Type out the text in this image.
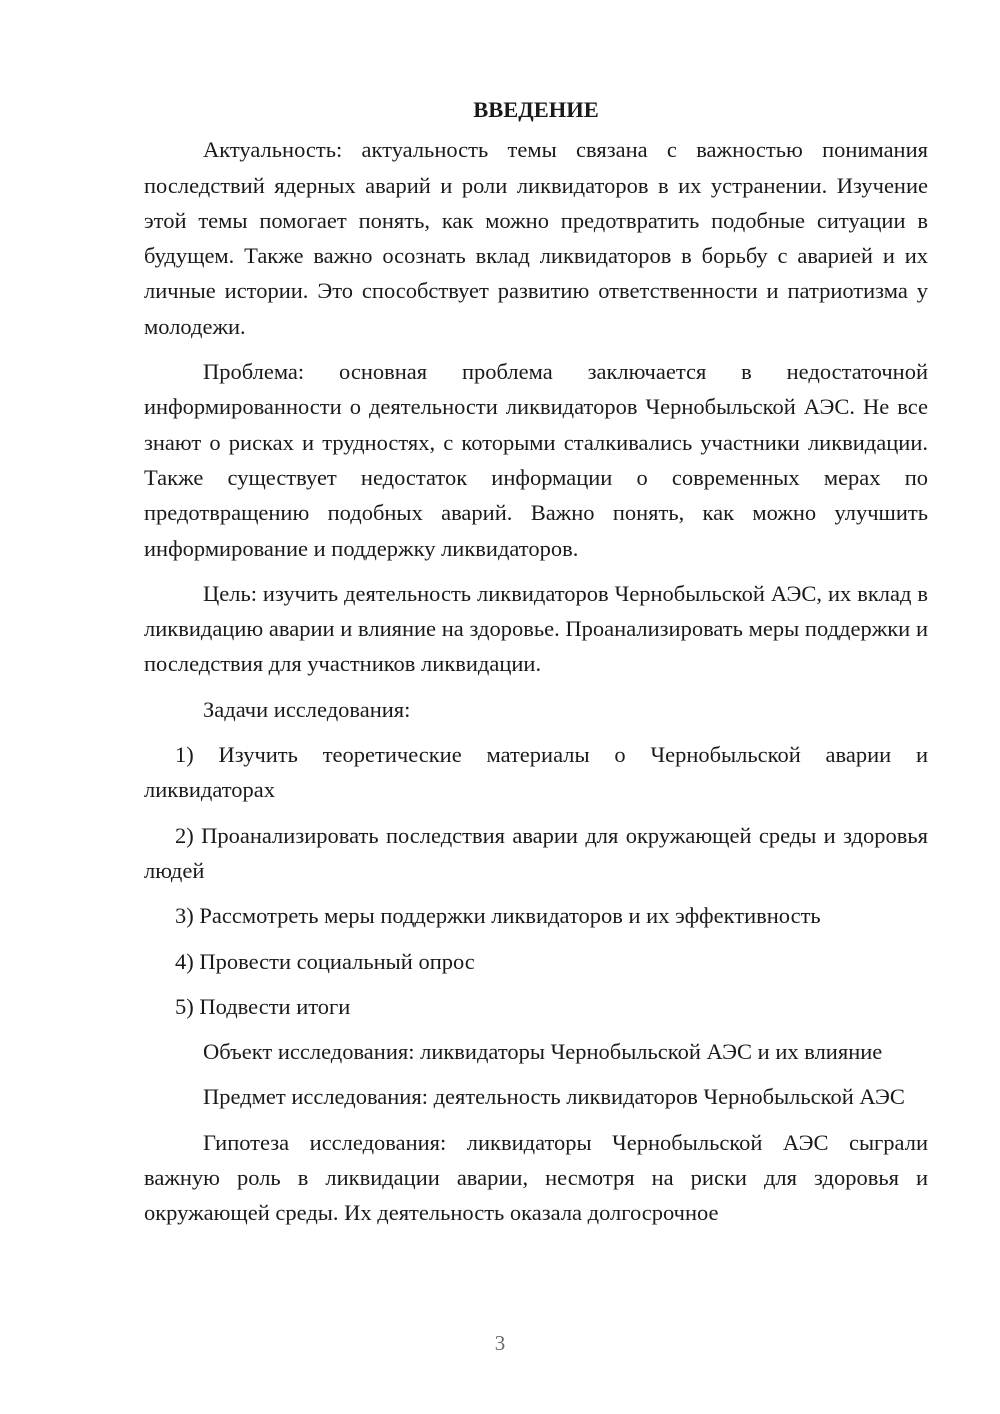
ВВЕДЕНИЕ

Актуальность: актуальность темы связана с важностью понимания последствий ядерных аварий и роли ликвидаторов в их устранении. Изучение этой темы помогает понять, как можно предотвратить подобные ситуации в будущем. Также важно осознать вклад ликвидаторов в борьбу с аварией и их личные истории. Это способствует развитию ответственности и патриотизма у молодежи.

Проблема: основная проблема заключается в недостаточной информированности о деятельности ликвидаторов Чернобыльской АЭС. Не все знают о рисках и трудностях, с которыми сталкивались участники ликвидации. Также существует недостаток информации о современных мерах по предотвращению подобных аварий. Важно понять, как можно улучшить информирование и поддержку ликвидаторов.

Цель: изучить деятельность ликвидаторов Чернобыльской АЭС, их вклад в ликвидацию аварии и влияние на здоровье. Проанализировать меры поддержки и последствия для участников ликвидации.

Задачи исследования:

1) Изучить теоретические материалы о Чернобыльской аварии и ликвидаторах

2) Проанализировать последствия аварии для окружающей среды и здоровья людей

3) Рассмотреть меры поддержки ликвидаторов и их эффективность

4) Провести социальный опрос

5) Подвести итоги

Объект исследования: ликвидаторы Чернобыльской АЭС и их влияние

Предмет исследования: деятельность ликвидаторов Чернобыльской АЭС

Гипотеза исследования: ликвидаторы Чернобыльской АЭС сыграли важную роль в ликвидации аварии, несмотря на риски для здоровья и окружающей среды. Их деятельность оказала долгосрочное

3
